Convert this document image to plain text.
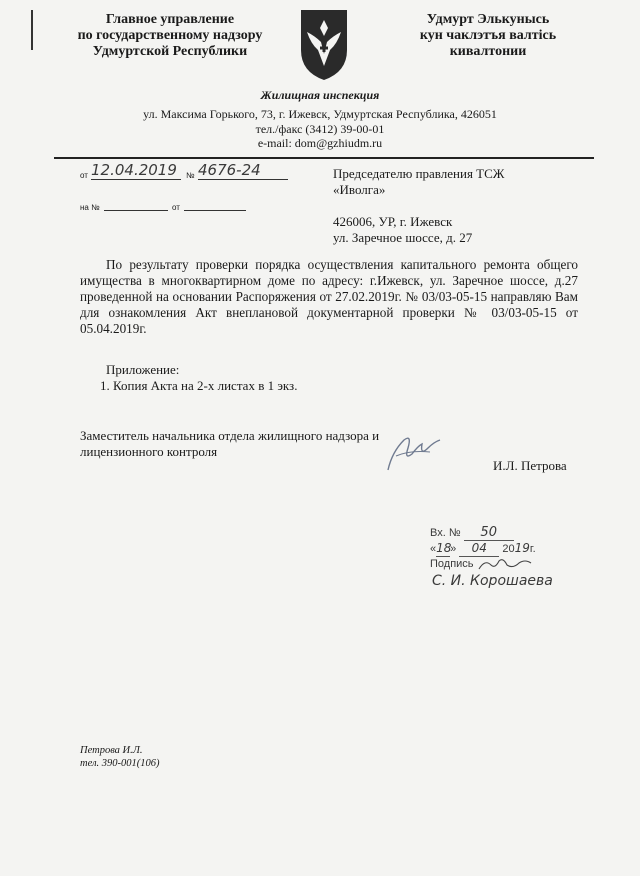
Главное управление
по государственному надзору
Удмуртской Республики
Удмурт Элькунысь
кун чаклэтъя валтiсь
кивалтонии
Жилищная инспекция
ул. Максима Горького, 73, г. Ижевск, Удмуртская Республика, 426051
тел./факс (3412) 39-00-01
e-mail: dom@gzhiudm.ru
от 12.04.2019	№ 4676-24
на №	от
Председателю правления ТСЖ
«Иволга»
426006, УР, г. Ижевск
ул. Заречное шоссе, д. 27
По результату проверки порядка осуществления капитального ремонта общего имущества в многоквартирном доме по адресу: г.Ижевск, ул. Заречное шоссе, д.27 проведенной на основании Распоряжения от 27.02.2019г. № 03/03-05-15 направляю Вам для ознакомления Акт внеплановой документарной проверки № 03/03-05-15 от 05.04.2019г.
Приложение:
1. Копия Акта на 2-х листах в 1 экз.
Заместитель начальника отдела жилищного надзора и
лицензионного контроля
И.Л. Петрова
Вх. № 50
«18» 04 2019г.
Подпись
С. И. Корошаева
Петрова И.Л.
тел. 390-001(106)
